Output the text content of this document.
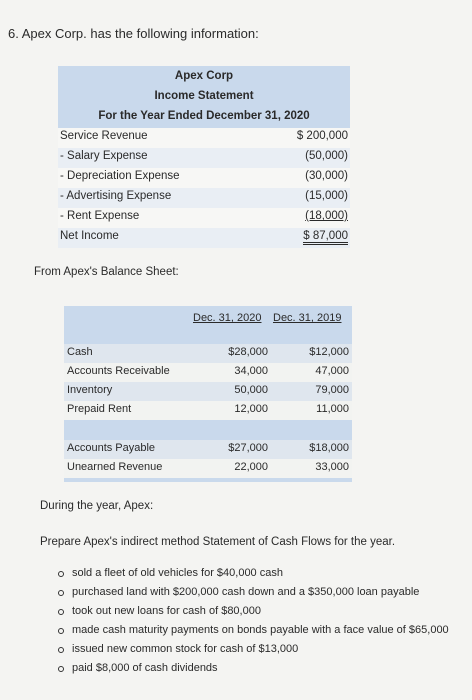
6. Apex Corp. has the following information:
Apex Corp
Income Statement
For the Year Ended December 31, 2020
Service Revenue	$ 200,000
- Salary Expense	(50,000)
- Depreciation Expense	(30,000)
- Advertising Expense	(15,000)
- Rent Expense	(18,000)
Net Income	$ 87,000
From Apex's Balance Sheet:
Dec. 31, 2020 Dec. 31, 2019
Cash	$28,000	$12,000
Accounts Receivable	34,000	47,000
Inventory	50,000	79,000
Prepaid Rent	12,000	11,000
Accounts Payable	$27,000	$18,000
Unearned Revenue	22,000	33,000
During the year, Apex:
Prepare Apex's indirect method Statement of Cash Flows for the year.
sold a fleet of old vehicles for $40,000 cash
purchased land with $200,000 cash down and a $350,000 loan payable
took out new loans for cash of $80,000
made cash maturity payments on bonds payable with a face value of $65,000
issued new common stock for cash of $13,000
paid $8,000 of cash dividends
